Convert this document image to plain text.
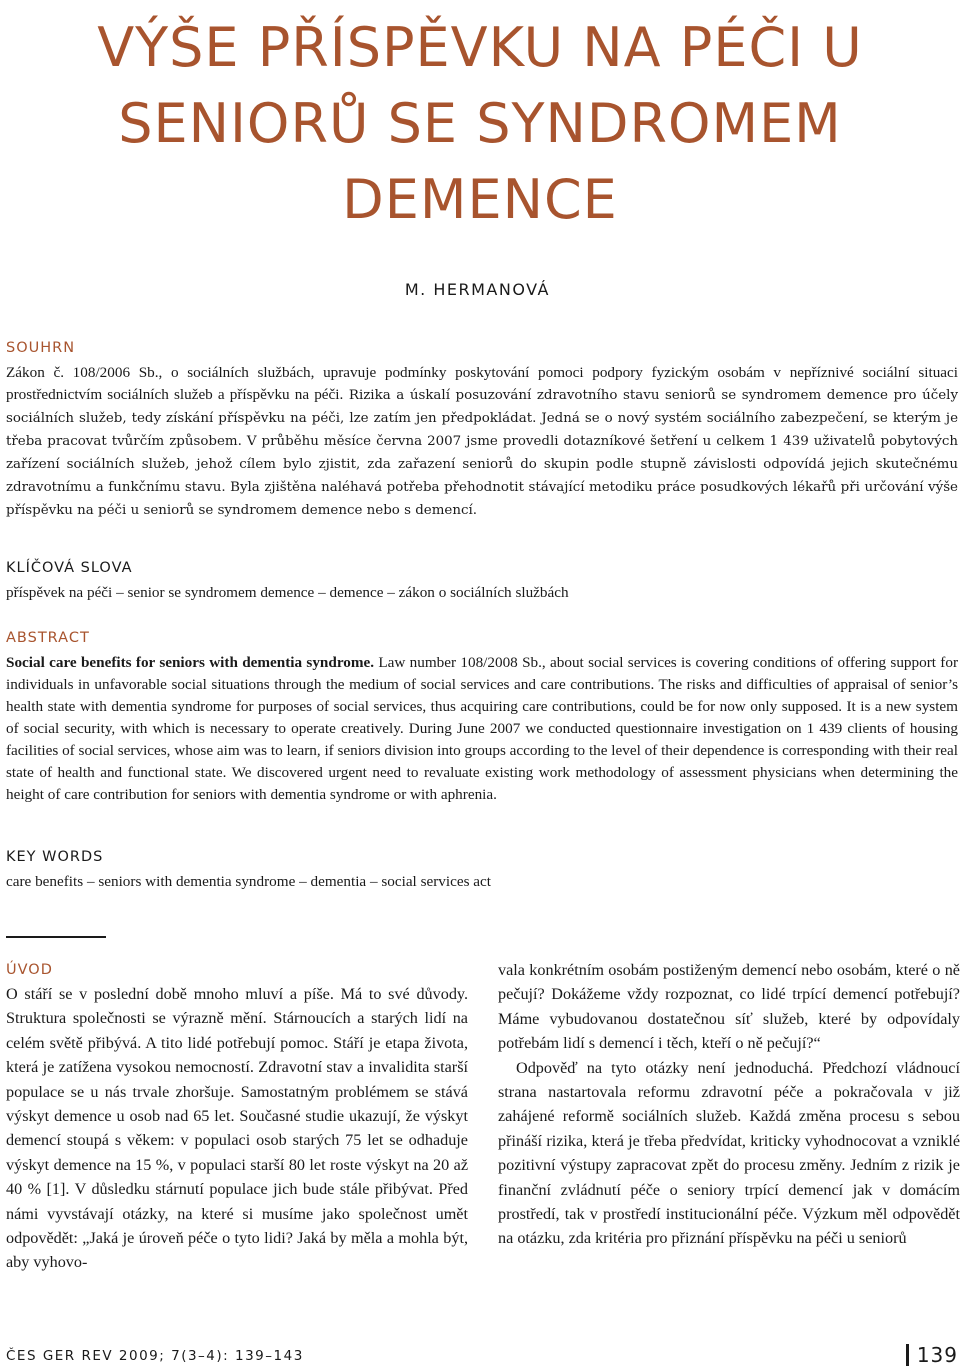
VÝŠE PŘÍSPĚVKU NA PÉČI U SENIORŮ SE SYNDROMEM DEMENCE
M. HERMANOVÁ
SOUHRN
Zákon č. 108/2006 Sb., o sociálních službách, upravuje podmínky poskytování pomoci podpory fyzickým osobám v nepříznivé sociální situaci prostřednictvím sociálních služeb a příspěvku na péči. Rizika a úskalí posuzování zdravotního stavu seniorů se syndromem demence pro účely sociálních služeb, tedy získání příspěvku na péči, lze zatím jen předpokládat. Jedná se o nový systém sociálního zabezpečení, se kterým je třeba pracovat tvůrčím způsobem. V průběhu měsíce června 2007 jsme provedli dotazníkové šetření u celkem 1 439 uživatelů pobytových zařízení sociálních služeb, jehož cílem bylo zjistit, zda zařazení seniorů do skupin podle stupně závislosti odpovídá jejich skutečnému zdravotnímu a funkčnímu stavu. Byla zjištěna naléhavá potřeba přehodnotit stávající metodiku práce posudkových lékařů při určování výše příspěvku na péči u seniorů se syndromem demence nebo s demencí.
KLÍČOVÁ SLOVA
příspěvek na péči – senior se syndromem demence – demence – zákon o sociálních službách
ABSTRACT
Social care benefits for seniors with dementia syndrome. Law number 108/2008 Sb., about social services is covering conditions of offering support for individuals in unfavorable social situations through the medium of social services and care contributions. The risks and difficulties of appraisal of senior’s health state with dementia syndrome for purposes of social services, thus acquiring care contributions, could be for now only supposed. It is a new system of social security, with which is necessary to operate creatively. During June 2007 we conducted questionnaire investigation on 1 439 clients of housing facilities of social services, whose aim was to learn, if seniors division into groups according to the level of their dependence is corresponding with their real state of health and functional state. We discovered urgent need to revaluate existing work methodology of assessment physicians when determining the height of care contribution for seniors with dementia syndrome or with aphrenia.
KEY WORDS
care benefits – seniors with dementia syndrome – dementia – social services act
ÚVOD

O stáří se v poslední době mnoho mluví a píše. Má to své důvody. Struktura společnosti se výrazně mění. Stárnoucích a starých lidí na celém světě přibývá. A tito lidé potřebují pomoc. Stáří je etapa života, která je zatížena vysokou nemocností. Zdravotní stav a invalidita starší populace se u nás trvale zhoršuje. Samostatným problémem se stává výskyt demence u osob nad 65 let. Současné studie ukazují, že výskyt demencí stoupá s věkem: v populaci osob starých 75 let se odhaduje výskyt demence na 15 %, v populaci starší 80 let roste výskyt na 20 až 40 % [1]. V důsledku stárnutí populace jich bude stále přibývat. Před námi vyvstávají otázky, na které si musíme jako společnost umět odpovědět: „Jaká je úroveň péče o tyto lidi? Jaká by měla a mohla být, aby vyhovo-

vala konkrétním osobám postiženým demencí nebo osobám, které o ně pečují? Dokážeme vždy rozpoznat, co lidé trpící demencí potřebují? Máme vybudovanou dostatečnou síť služeb, které by odpovídaly potřebám lidí s demencí i těch, kteří o ně pečují?“

Odpověď na tyto otázky není jednoduchá. Předchozí vládnoucí strana nastartovala reformu zdravotní péče a pokračovala v již zahájené reformě sociálních služeb. Každá změna procesu s sebou přináší rizika, která je třeba předvídat, kriticky vyhodnocovat a vzniklé pozitivní výstupy zapracovat zpět do procesu změny. Jedním z rizik je finanční zvládnutí péče o seniory trpící demencí jak v domácím prostředí, tak v prostředí institucionální péče. Výzkum měl odpovědět na otázku, zda kritéria pro přiznání příspěvku na péči u seniorů

ČES GER REV 2009; 7(3–4): 139–143	139
